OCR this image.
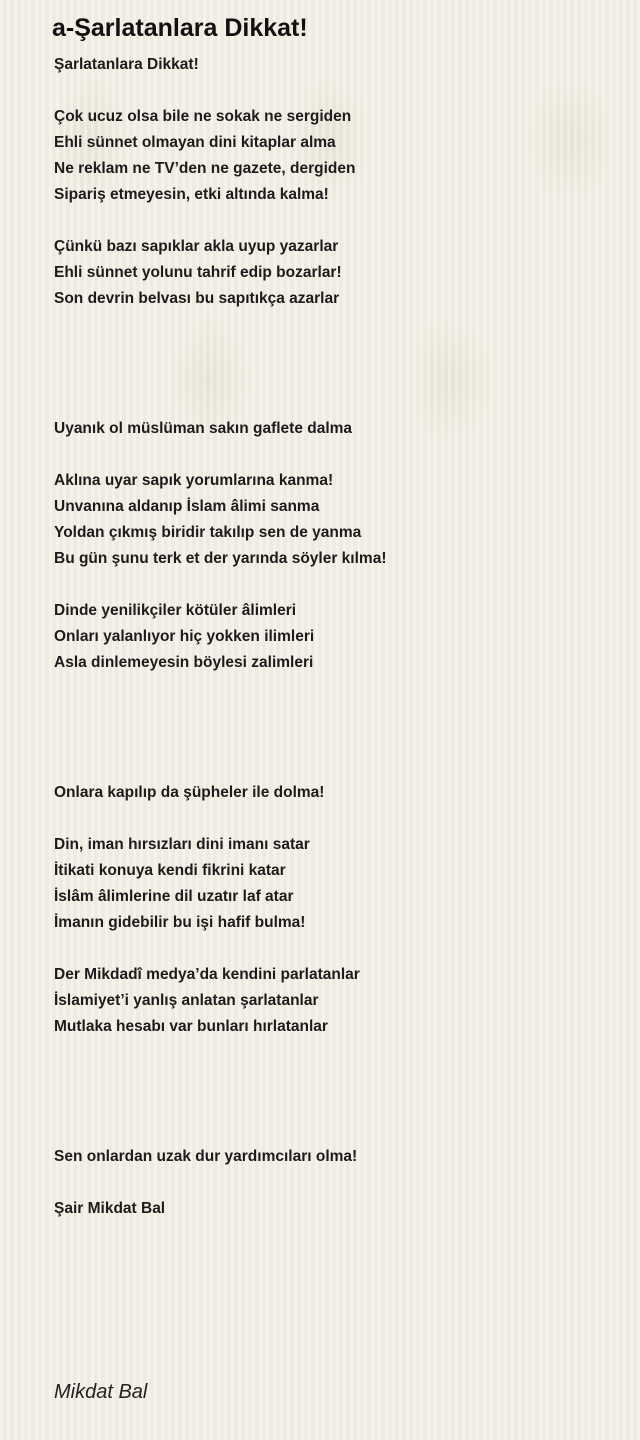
a-Şarlatanlara Dikkat!
Şarlatanlara Dikkat!
Çok ucuz olsa bile ne sokak ne sergiden
Ehli sünnet olmayan dini kitaplar alma
Ne reklam ne TV’den ne gazete, dergiden
Sipariş etmeyesin, etki altında kalma!
Çünkü bazı sapıklar akla uyup yazarlar
Ehli sünnet yolunu tahrif edip bozarlar!
Son devrin belvası bu sapıtıkça azarlar
Uyanık ol müslüman sakın gaflete dalma
Aklına uyar sapık yorumlarına kanma!
Unvanına aldanıp İslam âlimi sanma
Yoldan çıkmış biridir takılıp sen de yanma
Bu gün şunu terk et der yarında söyler kılma!
Dinde yenilikçiler kötüler âlimleri
Onları yalanlıyor hiç yokken ilimleri
Asla dinlemeyesin böylesi zalimleri
Onlara kapılıp da şüpheler ile dolma!
Din, iman hırsızları dini imanı satar
İtikati konuya kendi fikrini katar
İslâm âlimlerine dil uzatır laf atar
İmanın gidebilir bu işi hafif bulma!
Der Mikdadî medya’da kendini parlatanlar
İslamiyet’i yanlış anlatan şarlatanlar
Mutlaka hesabı var bunları hırlatanlar
Sen onlardan uzak dur yardımcıları olma!
Şair Mikdat Bal
Mikdat Bal
